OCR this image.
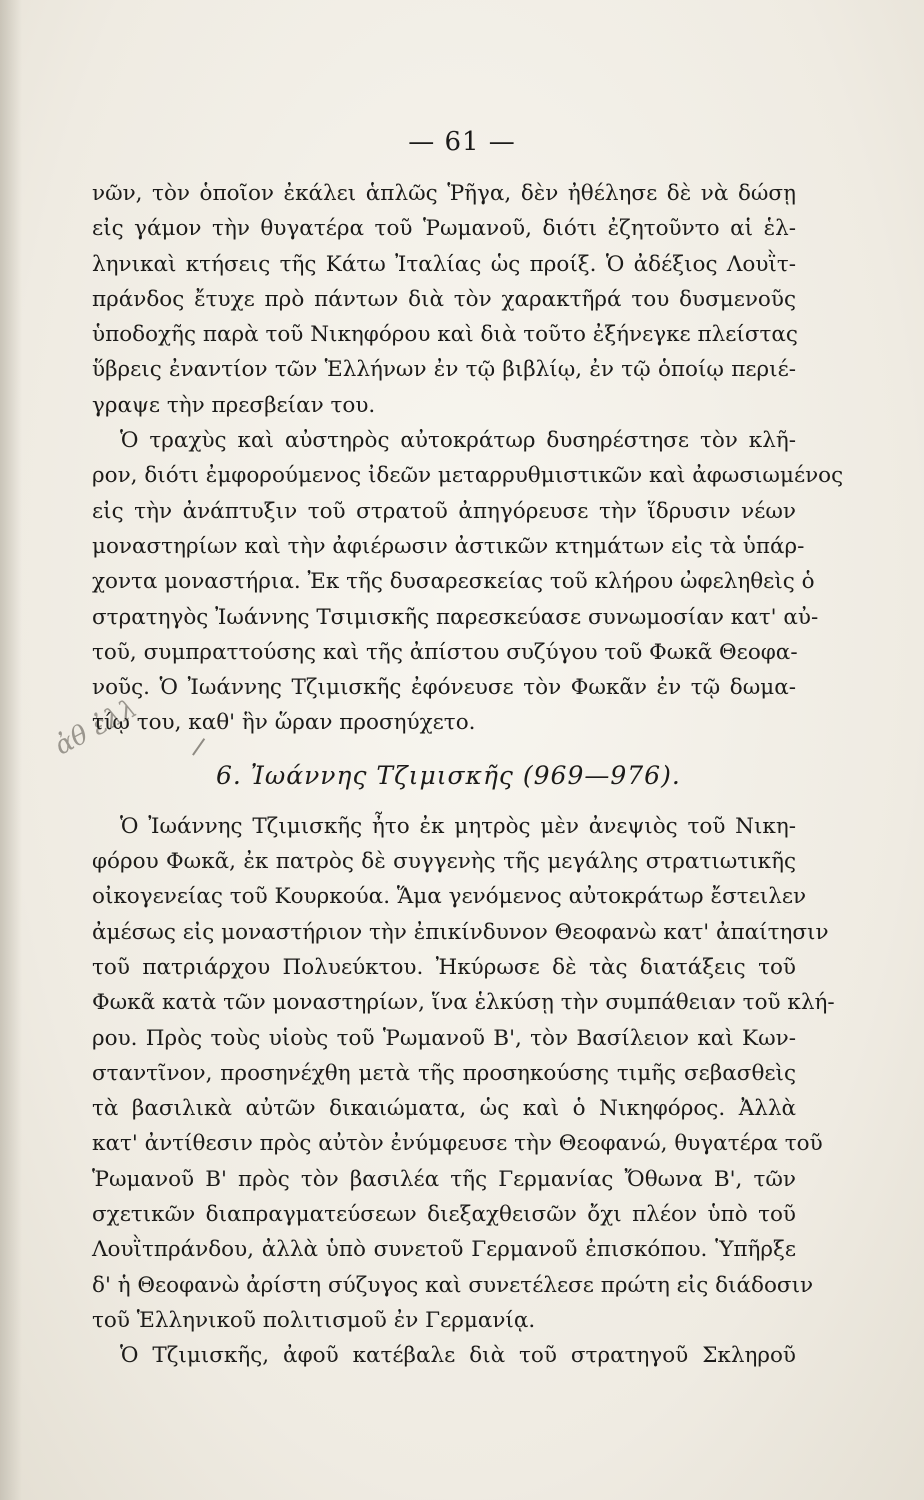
— 61 —
ἀθ ἐλλ
νῶν, τὸν ὁποῖον ἐκάλει ἁπλῶς Ῥῆγα, δὲν ἠθέλησε δὲ νὰ δώσῃ
εἰς γάμον τὴν θυγατέρα τοῦ Ῥωμανοῦ, διότι ἐζητοῦντο αἱ ἑλ-
ληνικαὶ κτήσεις τῆς Κάτω Ἰταλίας ὡς προίξ. Ὁ ἀδέξιος Λουῒτ-
πράνδος ἔτυχε πρὸ πάντων διὰ τὸν χαρακτῆρά του δυσμενοῦς
ὑποδοχῆς παρὰ τοῦ Νικηφόρου καὶ διὰ τοῦτο ἐξήνεγκε πλείστας
ὕβρεις ἐναντίον τῶν Ἑλλήνων ἐν τῷ βιβλίῳ, ἐν τῷ ὁποίῳ περιέ-
γραψε τὴν πρεσβείαν του.
Ὁ τραχὺς καὶ αὐστηρὸς αὐτοκράτωρ δυσηρέστησε τὸν κλῆ-
ρον, διότι ἐμφορούμενος ἰδεῶν μεταρρυθμιστικῶν καὶ ἀφωσιωμένος
εἰς τὴν ἀνάπτυξιν τοῦ στρατοῦ ἀπηγόρευσε τὴν ἵδρυσιν νέων
μοναστηρίων καὶ τὴν ἀφιέρωσιν ἀστικῶν κτημάτων εἰς τὰ ὑπάρ-
χοντα μοναστήρια. Ἐκ τῆς δυσαρεσκείας τοῦ κλήρου ὠφεληθεὶς ὁ
στρατηγὸς Ἰωάννης Τσιμισκῆς παρεσκεύασε συνωμοσίαν κατ' αὐ-
τοῦ, συμπραττούσης καὶ τῆς ἀπίστου συζύγου τοῦ Φωκᾶ Θεοφα-
νοῦς. Ὁ Ἰωάννης Τζιμισκῆς ἐφόνευσε τὸν Φωκᾶν ἐν τῷ δωμα-
τίῳ του, καθ' ἣν ὥραν προσηύχετο.
6. Ἰωάννης Τζιμισκῆς (969—976).
Ὁ Ἰωάννης Τζιμισκῆς ἦτο ἐκ μητρὸς μὲν ἀνεψιὸς τοῦ Νικη-
φόρου Φωκᾶ, ἐκ πατρὸς δὲ συγγενὴς τῆς μεγάλης στρατιωτικῆς
οἰκογενείας τοῦ Κουρκούα. Ἅμα γενόμενος αὐτοκράτωρ ἔστειλεν
ἀμέσως εἰς μοναστήριον τὴν ἐπικίνδυνον Θεοφανὼ κατ' ἀπαίτησιν
τοῦ πατριάρχου Πολυεύκτου. Ἠκύρωσε δὲ τὰς διατάξεις τοῦ
Φωκᾶ κατὰ τῶν μοναστηρίων, ἵνα ἑλκύσῃ τὴν συμπάθειαν τοῦ κλή-
ρου. Πρὸς τοὺς υἱοὺς τοῦ Ῥωμανοῦ Β', τὸν Βασίλειον καὶ Κων-
σταντῖνον, προσηνέχθη μετὰ τῆς προσηκούσης τιμῆς σεβασθεὶς
τὰ βασιλικὰ αὐτῶν δικαιώματα, ὡς καὶ ὁ Νικηφόρος. Ἀλλὰ
κατ' ἀντίθεσιν πρὸς αὐτὸν ἐνύμφευσε τὴν Θεοφανώ, θυγατέρα τοῦ
Ῥωμανοῦ Β' πρὸς τὸν βασιλέα τῆς Γερμανίας Ὄθωνα Β', τῶν
σχετικῶν διαπραγματεύσεων διεξαχθεισῶν ὄχι πλέον ὑπὸ τοῦ
Λουῒτπράνδου, ἀλλὰ ὑπὸ συνετοῦ Γερμανοῦ ἐπισκόπου. Ὑπῆρξε
δ' ἡ Θεοφανὼ ἀρίστη σύζυγος καὶ συνετέλεσε πρώτη εἰς διάδοσιν
τοῦ Ἑλληνικοῦ πολιτισμοῦ ἐν Γερμανίᾳ.
Ὁ Τζιμισκῆς, ἀφοῦ κατέβαλε διὰ τοῦ στρατηγοῦ Σκληροῦ
